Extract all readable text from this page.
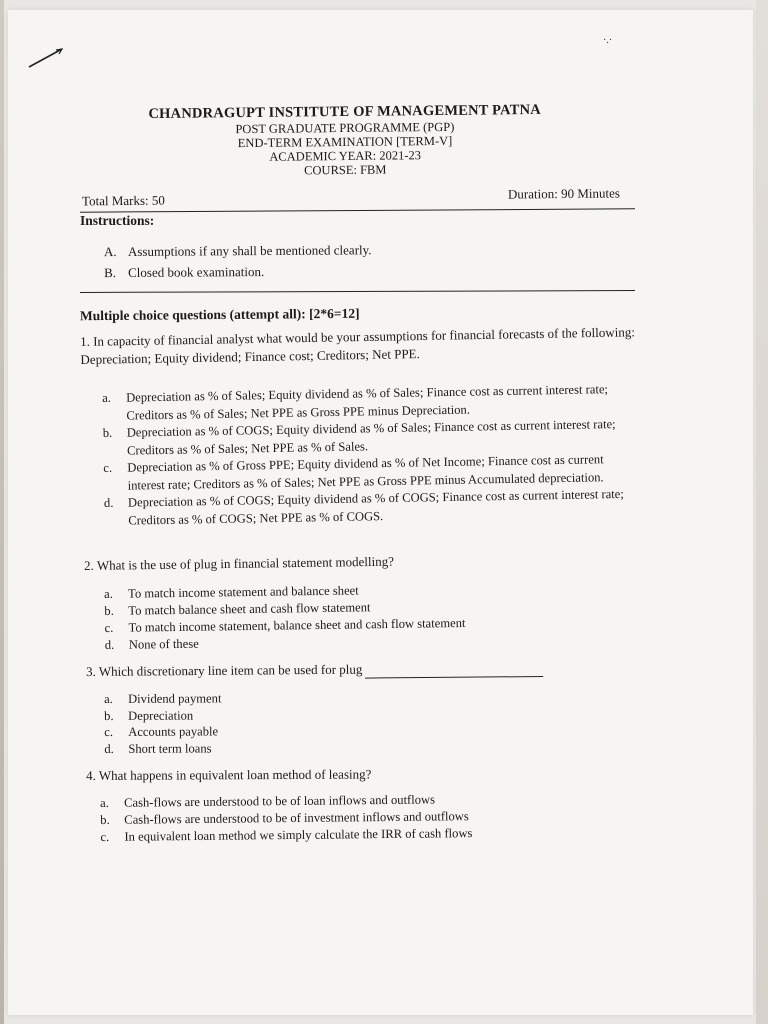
·.·
CHANDRAGUPT INSTITUTE OF MANAGEMENT PATNA
POST GRADUATE PROGRAMME (PGP)
END-TERM EXAMINATION [TERM-V]
ACADEMIC YEAR: 2021-23
COURSE: FBM
Total Marks: 50	Duration: 90 Minutes
Instructions:
A. Assumptions if any shall be mentioned clearly.
B. Closed book examination.
Multiple choice questions (attempt all): [2*6=12]
1. In capacity of financial analyst what would be your assumptions for financial forecasts of the following: Depreciation; Equity dividend; Finance cost; Creditors; Net PPE.
a.	Depreciation as % of Sales; Equity dividend as % of Sales; Finance cost as current interest rate; Creditors as % of Sales; Net PPE as Gross PPE minus Depreciation.
b.	Depreciation as % of COGS; Equity dividend as % of Sales; Finance cost as current interest rate; Creditors as % of Sales; Net PPE as % of Sales.
c.	Depreciation as % of Gross PPE; Equity dividend as % of Net Income; Finance cost as current interest rate; Creditors as % of Sales; Net PPE as Gross PPE minus Accumulated depreciation.
d.	Depreciation as % of COGS; Equity dividend as % of COGS; Finance cost as current interest rate; Creditors as % of COGS; Net PPE as % of COGS.
2. What is the use of plug in financial statement modelling?
a.	To match income statement and balance sheet
b.	To match balance sheet and cash flow statement
c.	To match income statement, balance sheet and cash flow statement
d.	None of these
3. Which discretionary line item can be used for plug
a.	Dividend payment
b.	Depreciation
c.	Accounts payable
d.	Short term loans
4. What happens in equivalent loan method of leasing?
a.	Cash-flows are understood to be of loan inflows and outflows
b.	Cash-flows are understood to be of investment inflows and outflows
c.	In equivalent loan method we simply calculate the IRR of cash flows
